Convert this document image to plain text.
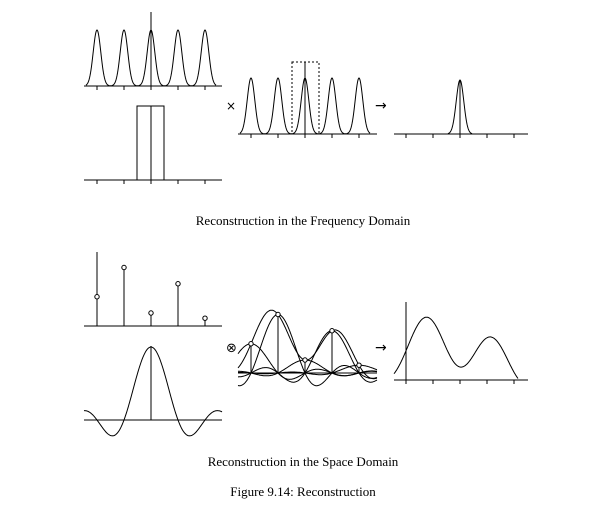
×	→
Reconstruction in the Frequency Domain
⊗	→
Reconstruction in the Space Domain
Figure 9.14: Reconstruction
